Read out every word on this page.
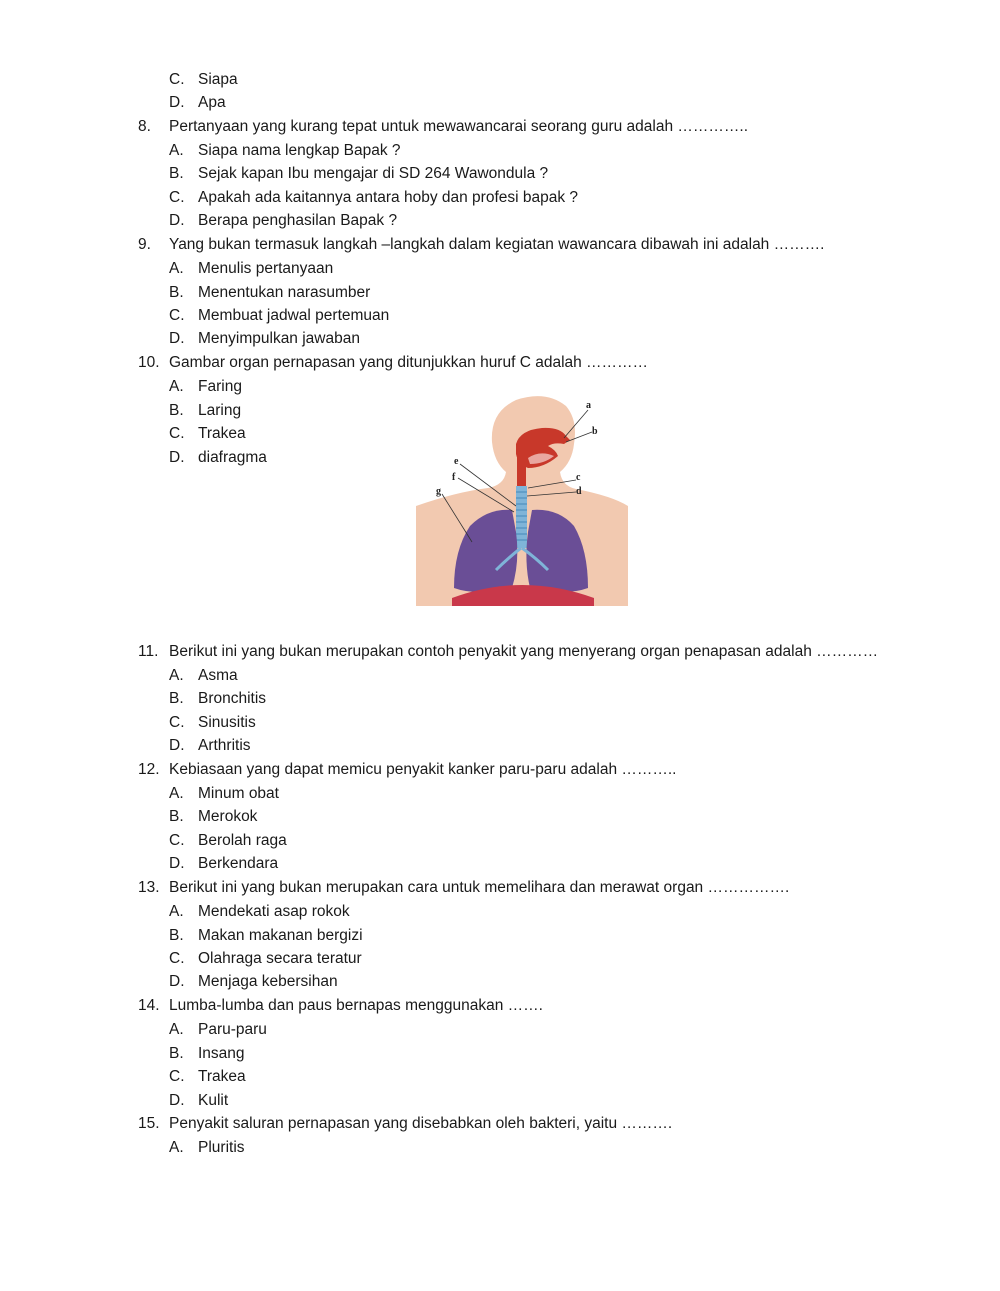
C. Siapa
D. Apa
8. Pertanyaan yang kurang tepat untuk mewawancarai seorang guru adalah …………..
A. Siapa nama lengkap Bapak ?
B. Sejak kapan Ibu mengajar di SD 264 Wawondula ?
C. Apakah ada kaitannya antara hoby dan profesi bapak ?
D. Berapa penghasilan Bapak ?
9. Yang bukan termasuk langkah –langkah dalam kegiatan wawancara dibawah ini adalah ……….
A. Menulis pertanyaan
B. Menentukan narasumber
C. Membuat jadwal pertemuan
D. Menyimpulkan jawaban
10. Gambar organ pernapasan yang ditunjukkan huruf C adalah …………
A. Faring
B. Laring
C. Trakea
D. diafragma
a
b
c
d
e
f
g
11. Berikut ini yang bukan merupakan contoh penyakit yang menyerang organ penapasan adalah …………
A. Asma
B. Bronchitis
C. Sinusitis
D. Arthritis
12. Kebiasaan yang dapat memicu penyakit kanker paru-paru adalah ………..
A. Minum obat
B. Merokok
C. Berolah raga
D. Berkendara
13. Berikut ini yang bukan merupakan cara untuk memelihara dan merawat organ …………….
A. Mendekati asap rokok
B. Makan makanan bergizi
C. Olahraga secara teratur
D. Menjaga kebersihan
14. Lumba-lumba dan paus bernapas menggunakan …….
A. Paru-paru
B. Insang
C. Trakea
D. Kulit
15. Penyakit saluran pernapasan yang disebabkan oleh bakteri, yaitu ……….
A. Pluritis
